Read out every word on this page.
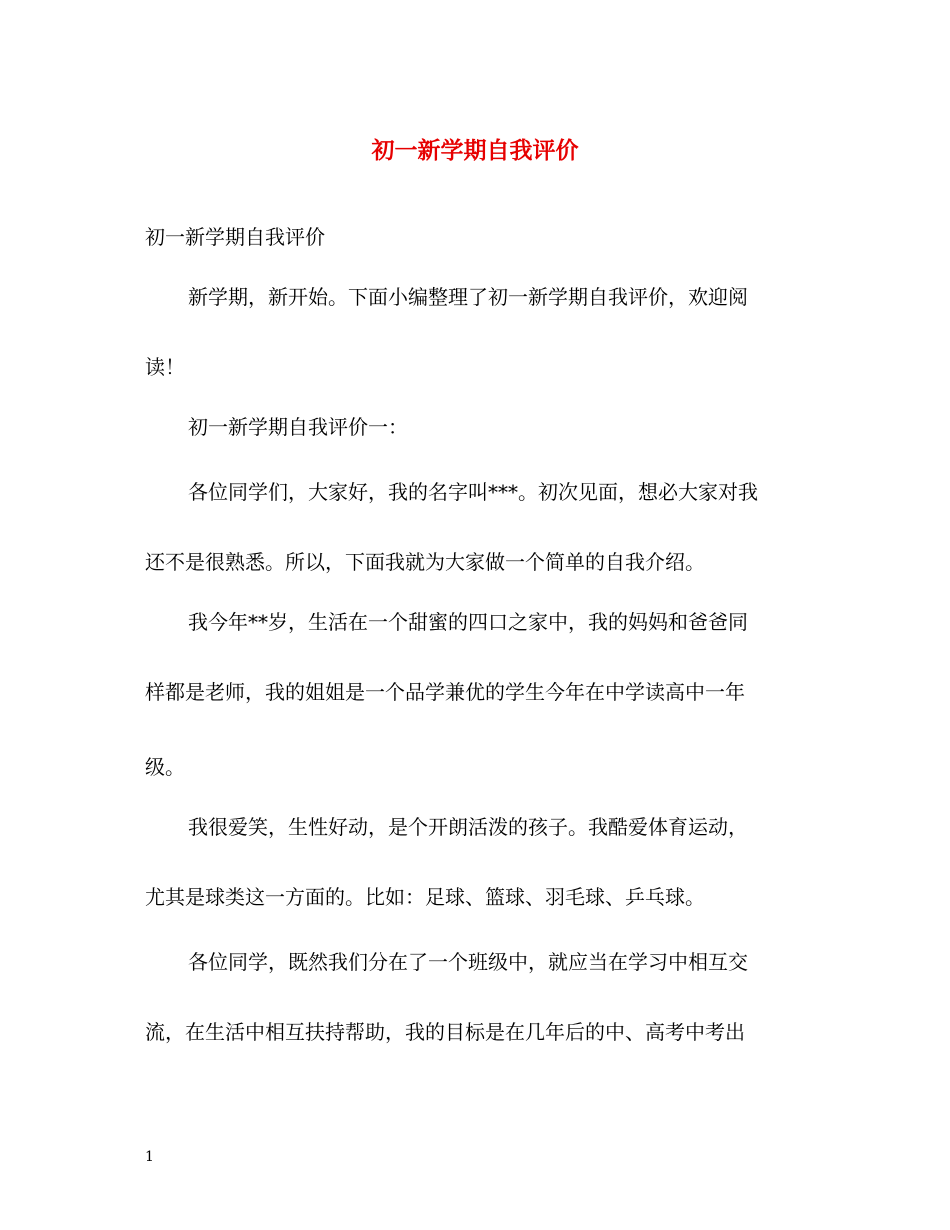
初一新学期自我评价
初一新学期自我评价
新学期，新开始。下面小编整理了初一新学期自我评价，欢迎阅
读！
初一新学期自我评价一：
各位同学们，大家好，我的名字叫***。初次见面，想必大家对我
还不是很熟悉。所以，下面我就为大家做一个简单的自我介绍。
我今年**岁，生活在一个甜蜜的四口之家中，我的妈妈和爸爸同
样都是老师，我的姐姐是一个品学兼优的学生今年在中学读高中一年
级。
我很爱笑，生性好动，是个开朗活泼的孩子。我酷爱体育运动，
尤其是球类这一方面的。比如：足球、篮球、羽毛球、乒乓球。
各位同学，既然我们分在了一个班级中，就应当在学习中相互交
流，在生活中相互扶持帮助，我的目标是在几年后的中、高考中考出
1
